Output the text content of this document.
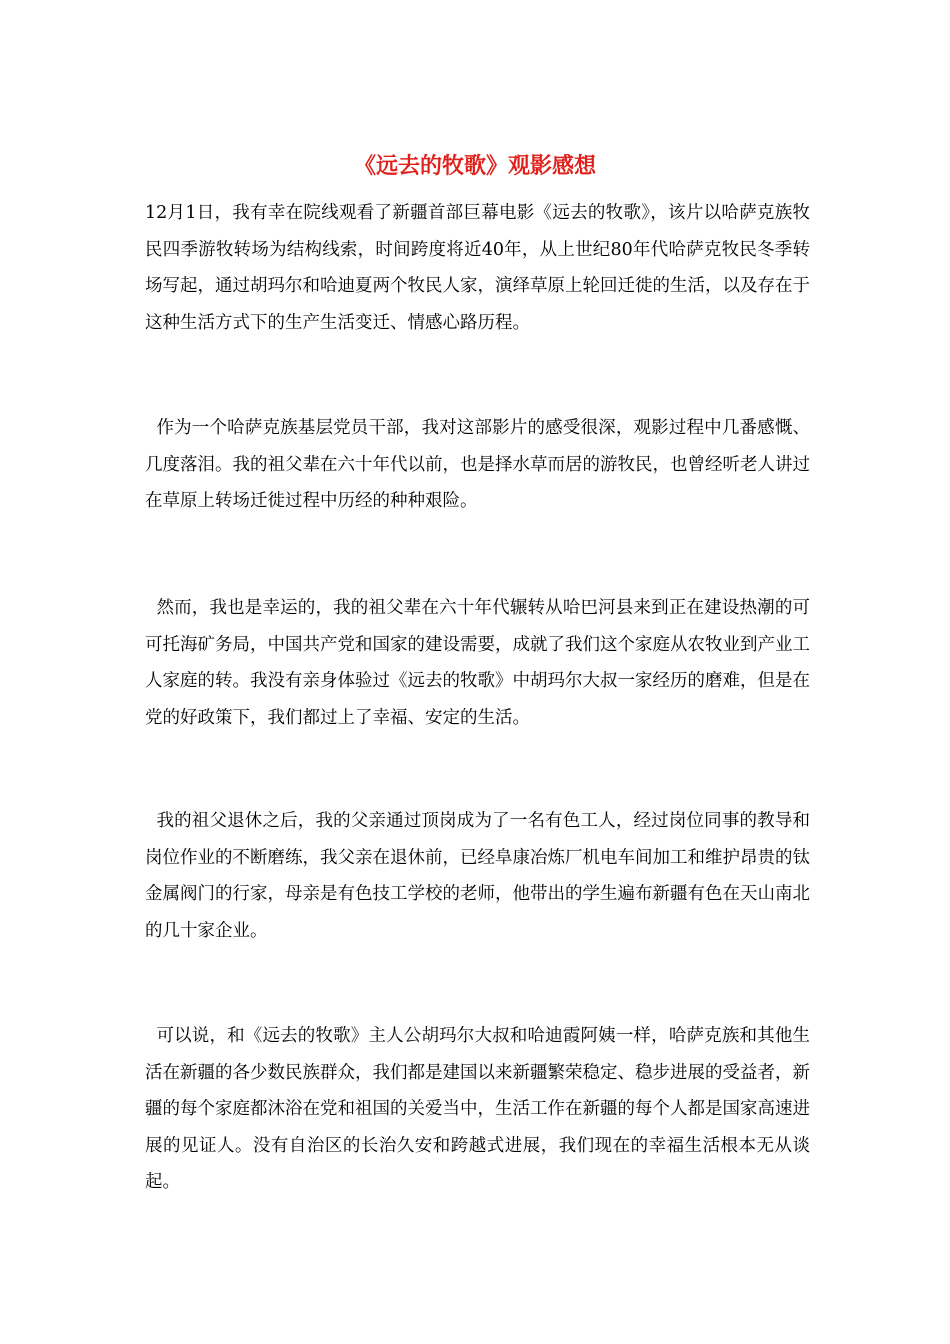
《远去的牧歌》观影感想

12月1日，我有幸在院线观看了新疆首部巨幕电影《远去的牧歌》，该片以哈萨克族牧民四季游牧转场为结构线索，时间跨度将近40年，从上世纪80年代哈萨克牧民冬季转场写起，通过胡玛尔和哈迪夏两个牧民人家，演绎草原上轮回迁徙的生活，以及存在于这种生活方式下的生产生活变迁、情感心路历程。

作为一个哈萨克族基层党员干部，我对这部影片的感受很深，观影过程中几番感慨、几度落泪。我的祖父辈在六十年代以前，也是择水草而居的游牧民，也曾经听老人讲过在草原上转场迁徙过程中历经的种种艰险。

然而，我也是幸运的，我的祖父辈在六十年代辗转从哈巴河县来到正在建设热潮的可可托海矿务局，中国共产党和国家的建设需要，成就了我们这个家庭从农牧业到产业工人家庭的转。我没有亲身体验过《远去的牧歌》中胡玛尔大叔一家经历的磨难，但是在党的好政策下，我们都过上了幸福、安定的生活。

我的祖父退休之后，我的父亲通过顶岗成为了一名有色工人，经过岗位同事的教导和岗位作业的不断磨练，我父亲在退休前，已经阜康冶炼厂机电车间加工和维护昂贵的钛金属阀门的行家，母亲是有色技工学校的老师，他带出的学生遍布新疆有色在天山南北的几十家企业。

可以说，和《远去的牧歌》主人公胡玛尔大叔和哈迪霞阿姨一样，哈萨克族和其他生活在新疆的各少数民族群众，我们都是建国以来新疆繁荣稳定、稳步进展的受益者，新疆的每个家庭都沐浴在党和祖国的关爱当中，生活工作在新疆的每个人都是国家高速进展的见证人。没有自治区的长治久安和跨越式进展，我们现在的幸福生活根本无从谈起。
